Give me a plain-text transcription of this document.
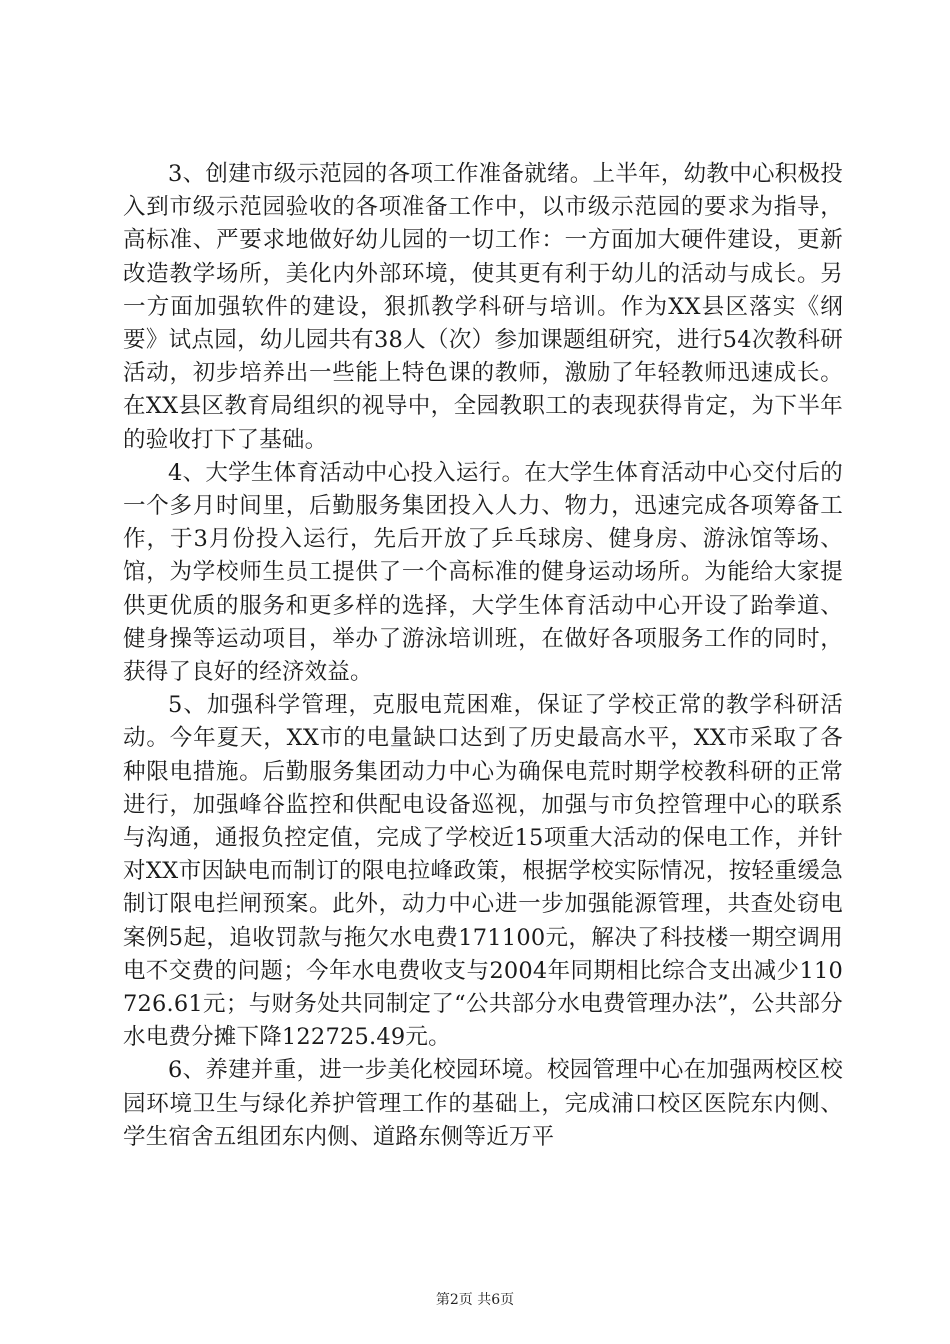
3、创建市级示范园的各项工作准备就绪。上半年，幼教中心积极投入到市级示范园验收的各项准备工作中，以市级示范园的要求为指导，高标准、严要求地做好幼儿园的一切工作：一方面加大硬件建设，更新改造教学场所，美化内外部环境，使其更有利于幼儿的活动与成长。另一方面加强软件的建设，狠抓教学科研与培训。作为XX县区落实《纲要》试点园，幼儿园共有38人（次）参加课题组研究，进行54次教科研活动，初步培养出一些能上特色课的教师，激励了年轻教师迅速成长。在XX县区教育局组织的视导中，全园教职工的表现获得肯定，为下半年的验收打下了基础。

4、大学生体育活动中心投入运行。在大学生体育活动中心交付后的一个多月时间里，后勤服务集团投入人力、物力，迅速完成各项筹备工作，于3月份投入运行，先后开放了乒乓球房、健身房、游泳馆等场、馆，为学校师生员工提供了一个高标准的健身运动场所。为能给大家提供更优质的服务和更多样的选择，大学生体育活动中心开设了跆拳道、健身操等运动项目，举办了游泳培训班，在做好各项服务工作的同时，获得了良好的经济效益。

5、加强科学管理，克服电荒困难，保证了学校正常的教学科研活动。今年夏天，XX市的电量缺口达到了历史最高水平，XX市采取了各种限电措施。后勤服务集团动力中心为确保电荒时期学校教科研的正常进行，加强峰谷监控和供配电设备巡视，加强与市负控管理中心的联系与沟通，通报负控定值，完成了学校近15项重大活动的保电工作，并针对XX市因缺电而制订的限电拉峰政策，根据学校实际情况，按轻重缓急制订限电拦闸预案。此外，动力中心进一步加强能源管理，共查处窃电案例5起，追收罚款与拖欠水电费171100元，解决了科技楼一期空调用电不交费的问题；今年水电费收支与2004年同期相比综合支出减少110726.61元；与财务处共同制定了“公共部分水电费管理办法”，公共部分水电费分摊下降122725.49元。

6、养建并重，进一步美化校园环境。校园管理中心在加强两校区校园环境卫生与绿化养护管理工作的基础上，完成浦口校区医院东内侧、学生宿舍五组团东内侧、道路东侧等近万平

第2页 共6页
